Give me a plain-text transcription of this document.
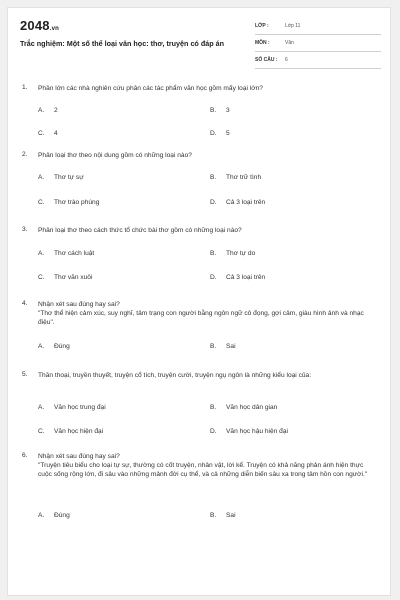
2048.vn
Trắc nghiệm: Một số thể loại văn học: thơ, truyện có đáp án
LỚP :	Lớp 11
MÔN :	Văn
SỐ CÂU : 6
1. Phần lớn các nhà nghiên cứu phân các tác phẩm văn học gồm mấy loại lớn?
A. 2	B. 3
C. 4	D. 5
2. Phân loại thơ theo nội dung gồm có những loại nào?
A. Thơ tự sự	B. Thơ trữ tình
C. Thơ trào phúng	D. Cả 3 loại trên
3. Phân loại thơ theo cách thức tổ chức bài thơ gồm có những loại nào?
A. Thơ cách luật	B. Thơ tự do
C. Thơ văn xuôi	D. Cả 3 loại trên
4. Nhận xét sau đúng hay sai?
"Thơ thể hiện cảm xúc, suy nghĩ, tâm trạng con người bằng ngôn ngữ cô đọng, gợi cảm, giàu hình ảnh và nhạc điệu".
A. Đúng	B. Sai
5. Thần thoại, truyền thuyết, truyện cổ tích, truyện cười, truyện ngụ ngôn là những kiểu loại của:
A. Văn học trung đại	B. Văn học dân gian
C. Văn học hiện đại	D. Văn học hậu hiện đại
6. Nhận xét sau đúng hay sai?
"Truyện tiêu biểu cho loại tự sự, thường có cốt truyện, nhân vật, lời kể. Truyện có khả năng phản ánh hiện thực cuộc sống rộng lớn, đi sâu vào những mảnh đời cụ thể, và cả những diễn biến sâu xa trong tâm hồn con người."
A. Đúng	B. Sai
